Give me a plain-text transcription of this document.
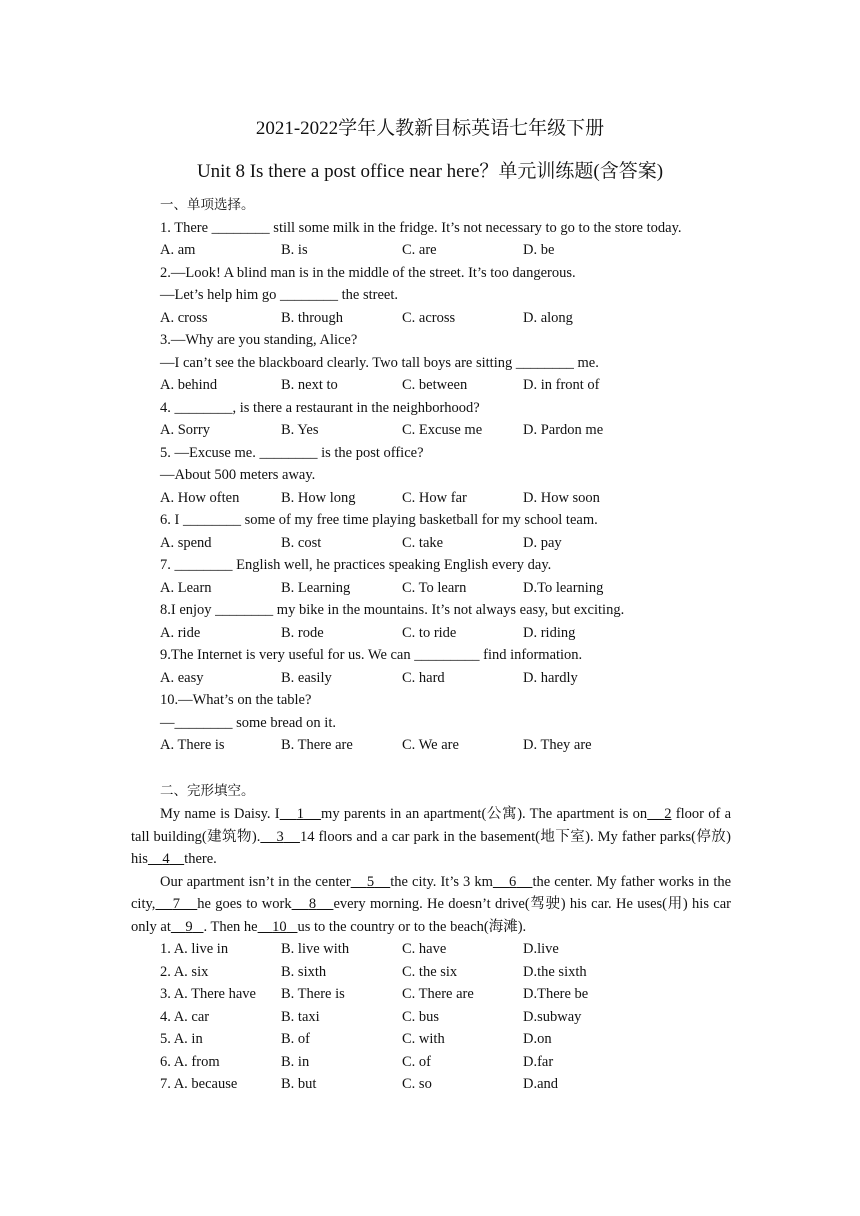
2021-2022学年人教新目标英语七年级下册
Unit 8 Is there a post office near here？单元训练题(含答案)
一、单项选择。
1. There ________ still some milk in the fridge. It’s not necessary to go to the store today.
A. am	B. is	C. are	D. be
2.—Look! A blind man is in the middle of the street. It’s too dangerous.
—Let’s help him go ________ the street.
A. cross	B. through	C. across	D. along
3.—Why are you standing, Alice?
—I can’t see the blackboard clearly. Two tall boys are sitting ________ me.
A. behind	B. next to	C. between	D. in front of
4. ________, is there a restaurant in the neighborhood?
A. Sorry	B. Yes	C. Excuse me	D. Pardon me
5. —Excuse me. ________ is the post office?
—About 500 meters away.
A. How often	B. How long	C. How far	D. How soon
6. I ________ some of my free time playing basketball for my school team.
A. spend	B. cost	C. take	D. pay
7. ________ English well, he practices speaking English every day.
A. Learn	B. Learning	C. To learn	D.To learning
8.I enjoy ________ my bike in the mountains. It’s not always easy, but exciting.
A. ride	B. rode	C. to ride	D. riding
9.The Internet is very useful for us. We can _________ find information.
A. easy	B. easily	C. hard	D. hardly
10.—What’s on the table?
—________ some bread on it.
A. There is	B. There are	C. We are	D. They are
二、完形填空。

My name is Daisy. I 1 my parents in an apartment(公寓). The apartment is on 2 floor of a tall building(建筑物). 3 14 floors and a car park in the basement(地下室). My father parks(停放) his 4 there.

Our apartment isn’t in the center 5 the city. It’s 3 km 6 the center. My father works in the city, 7 he goes to work 8 every morning. He doesn’t drive(驾驶) his car. He uses(用) his car only at 9 . Then he 10 us to the country or to the beach(海滩).

1. A. live in	B. live with	C. have	D.live
2. A. six	B. sixth	C. the six	D.the sixth
3. A. There have	B. There is	C. There are	D.There be
4. A. car	B. taxi	C. bus	D.subway
5. A. in	B. of	C. with	D.on
6. A. from	B. in	C. of	D.far
7. A. because	B. but	C. so	D.and
